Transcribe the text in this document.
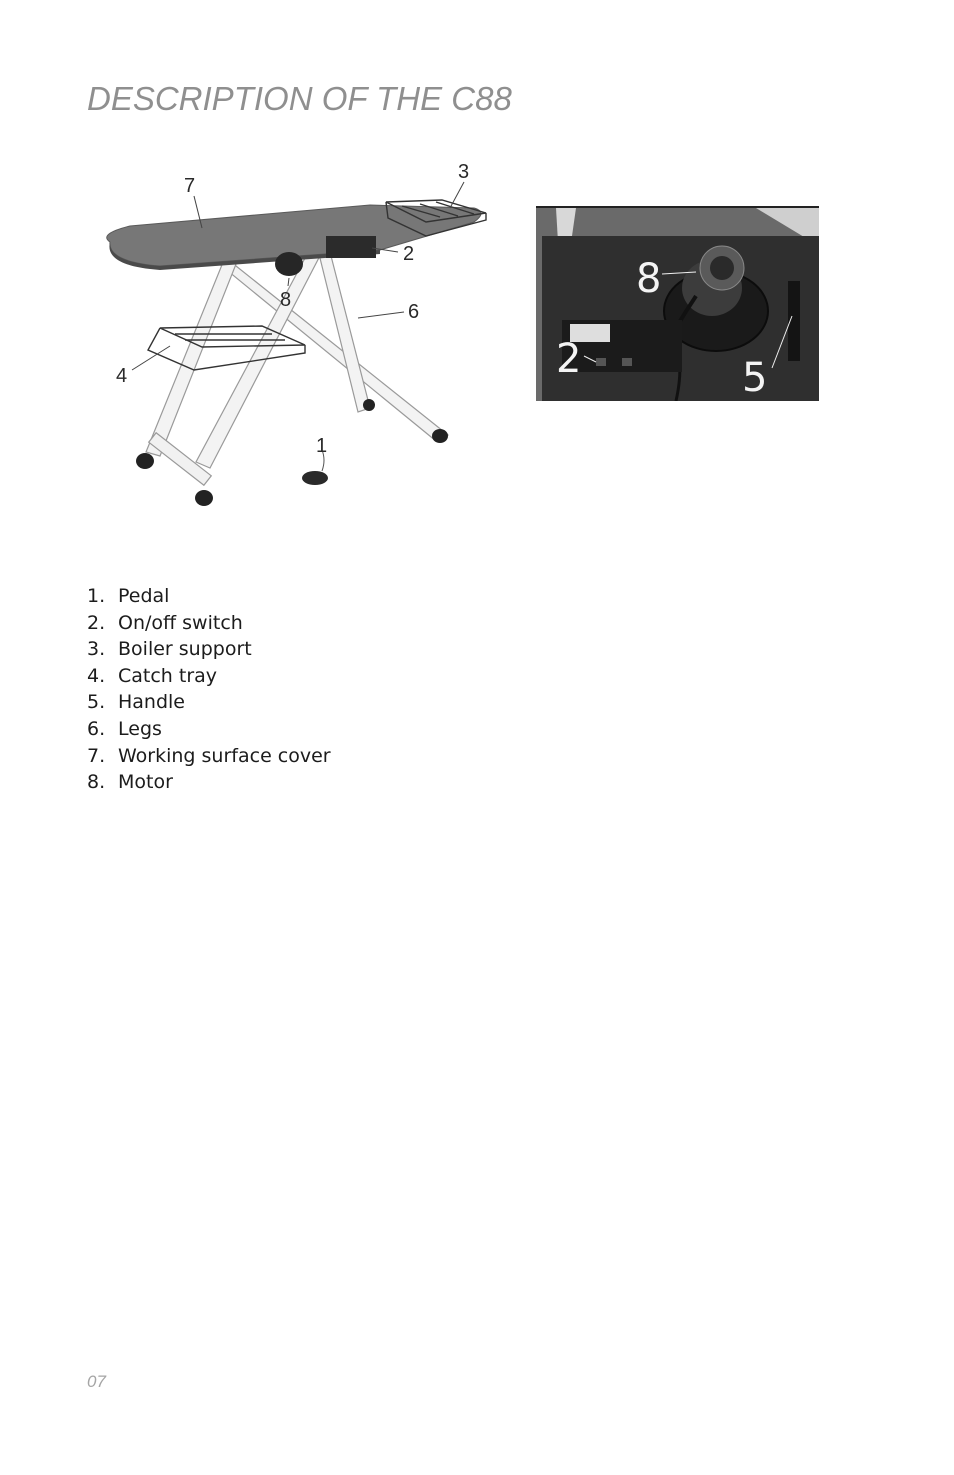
DESCRIPTION OF THE C88
7
3
2
8
6
4
1
8
2	5
1. Pedal
2. On/off switch
3. Boiler support
4. Catch tray
5. Handle
6. Legs
7. Working surface cover
8. Motor
07
